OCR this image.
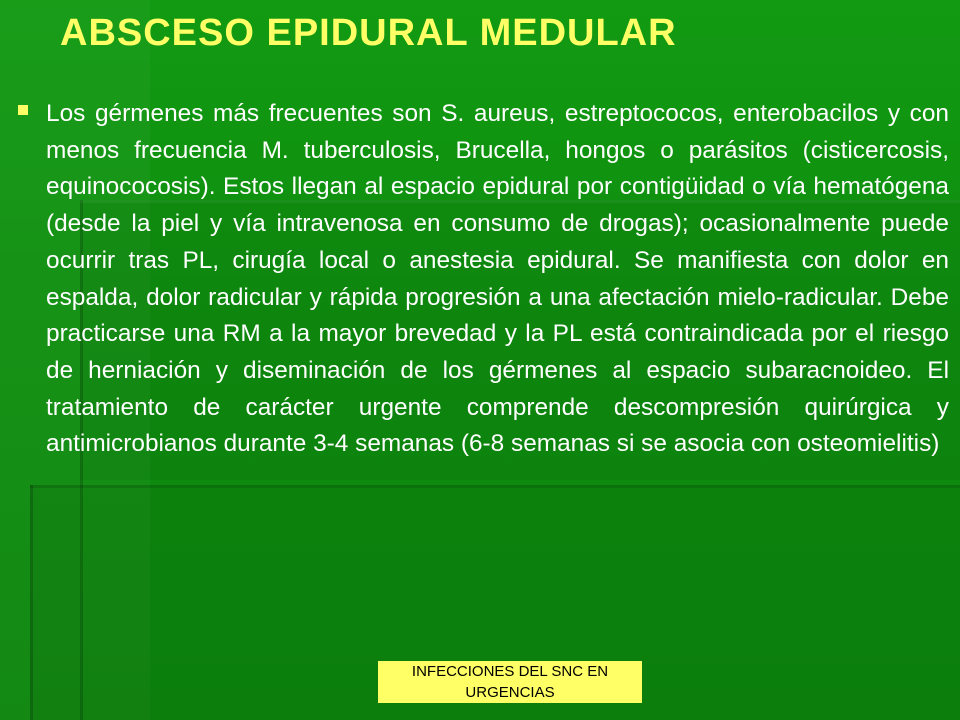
ABSCESO EPIDURAL MEDULAR

Los gérmenes más frecuentes son S. aureus, estreptococos, enterobacilos y con menos frecuencia M. tuberculosis, Brucella, hongos o parásitos (cisticercosis, equinococosis). Estos llegan al espacio epidural por contigüidad o vía hematógena (desde la piel y vía intravenosa en consumo de drogas); ocasionalmente puede ocurrir tras PL, cirugía local o anestesia epidural. Se manifiesta con dolor en espalda, dolor radicular y rápida progresión a una afectación mielo-radicular. Debe practicarse una RM a la mayor brevedad y la PL está contraindicada por el riesgo de herniación y diseminación de los gérmenes al espacio subaracnoideo. El tratamiento de carácter urgente comprende descompresión quirúrgica y antimicrobianos durante 3-4 semanas (6-8 semanas si se asocia con osteomielitis)

INFECCIONES DEL SNC EN URGENCIAS
